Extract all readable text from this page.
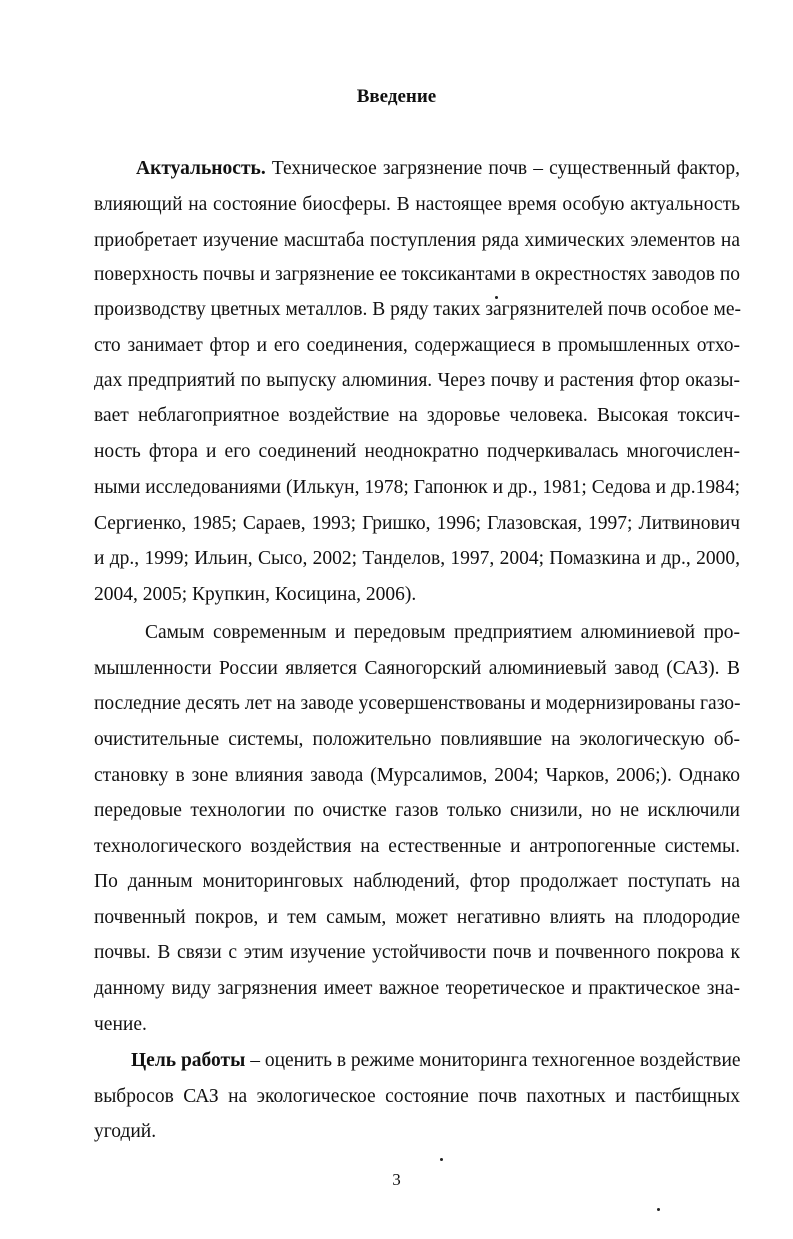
Введение
Актуальность. Техническое загрязнение почв – существенный фактор,
влияющий на состояние биосферы. В настоящее время особую актуальность
приобретает изучение масштаба поступления ряда химических элементов на
поверхность почвы и загрязнение ее токсикантами в окрестностях заводов по
производству цветных металлов. В ряду таких загрязнителей почв особое ме-
сто занимает фтор и его соединения, содержащиеся в промышленных отхо-
дах предприятий по выпуску алюминия. Через почву и растения фтор оказы-
вает неблагоприятное воздействие на здоровье человека. Высокая токсич-
ность фтора и его соединений неоднократно подчеркивалась многочислен-
ными исследованиями (Илькун, 1978; Гапонюк и др., 1981; Седова и др.1984;
Сергиенко, 1985; Сараев, 1993; Гришко, 1996; Глазовская, 1997; Литвинович
и др., 1999; Ильин, Сысо, 2002; Танделов, 1997, 2004; Помазкина и др., 2000,
2004, 2005; Крупкин, Косицина, 2006).
Самым современным и передовым предприятием алюминиевой про-
мышленности России является Саяногорский алюминиевый завод (САЗ). В
последние десять лет на заводе усовершенствованы и модернизированы газо-
очистительные системы, положительно повлиявшие на экологическую об-
становку в зоне влияния завода (Мурсалимов, 2004; Чарков, 2006;). Однако
передовые технологии по очистке газов только снизили, но не исключили
технологического воздействия на естественные и антропогенные системы.
По данным мониторинговых наблюдений, фтор продолжает поступать на
почвенный покров, и тем самым, может негативно влиять на плодородие
почвы. В связи с этим изучение устойчивости почв и почвенного покрова к
данному виду загрязнения имеет важное теоретическое и практическое зна-
чение.
Цель работы – оценить в режиме мониторинга техногенное воздействие
выбросов САЗ на экологическое состояние почв пахотных и пастбищных
угодий.
3
